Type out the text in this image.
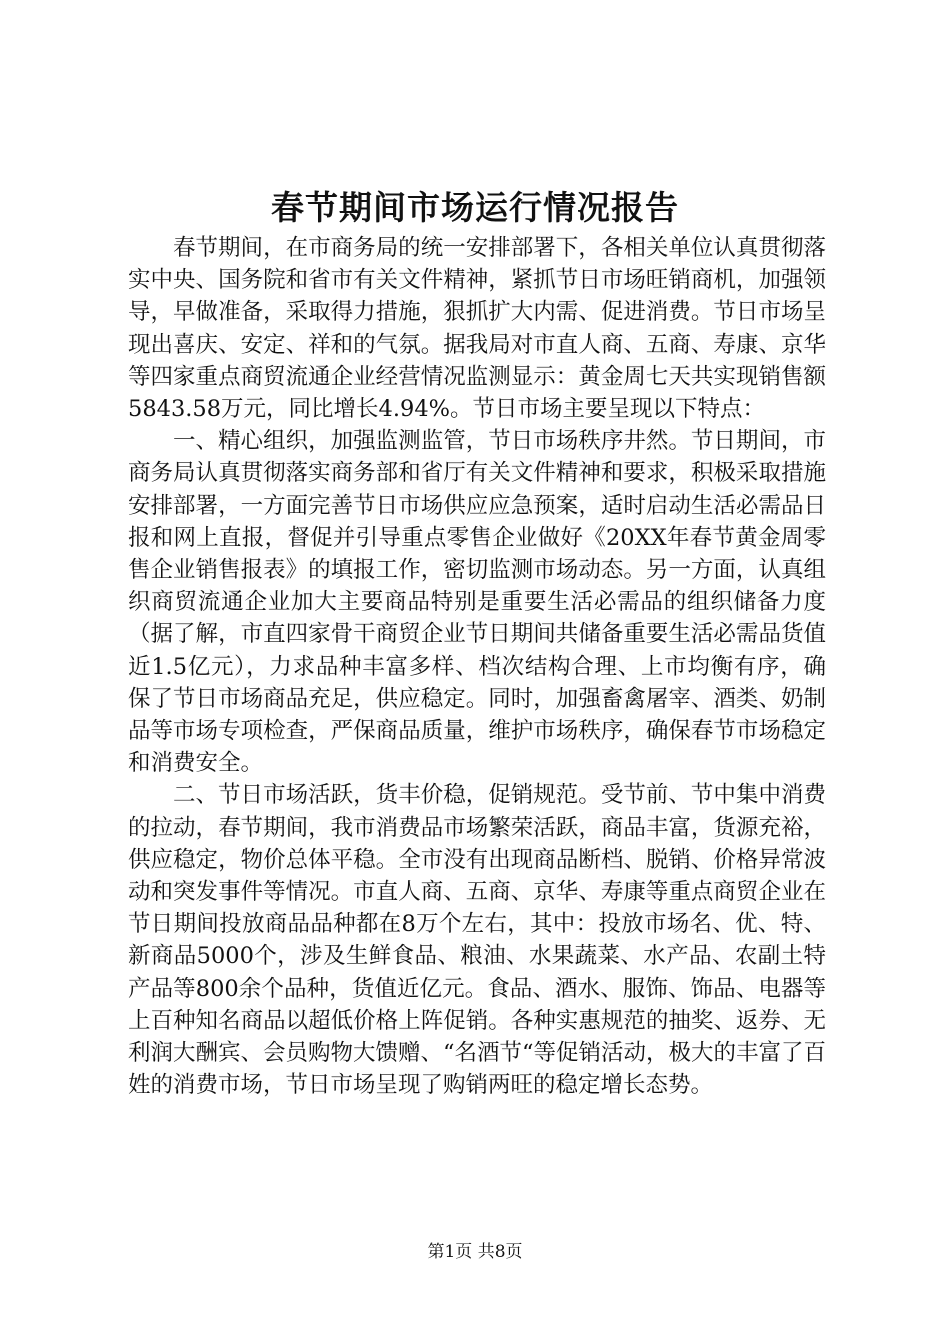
春节期间市场运行情况报告

春节期间，在市商务局的统一安排部署下，各相关单位认真贯彻落实中央、国务院和省市有关文件精神，紧抓节日市场旺销商机，加强领导，早做准备，采取得力措施，狠抓扩大内需、促进消费。节日市场呈现出喜庆、安定、祥和的气氛。据我局对市直人商、五商、寿康、京华等四家重点商贸流通企业经营情况监测显示：黄金周七天共实现销售额5843.58万元，同比增长4.94%。节日市场主要呈现以下特点：

一、精心组织，加强监测监管，节日市场秩序井然。节日期间，市商务局认真贯彻落实商务部和省厅有关文件精神和要求，积极采取措施安排部署，一方面完善节日市场供应应急预案，适时启动生活必需品日报和网上直报，督促并引导重点零售企业做好《20XX年春节黄金周零售企业销售报表》的填报工作，密切监测市场动态。另一方面，认真组织商贸流通企业加大主要商品特别是重要生活必需品的组织储备力度（据了解，市直四家骨干商贸企业节日期间共储备重要生活必需品货值近1.5亿元），力求品种丰富多样、档次结构合理、上市均衡有序，确保了节日市场商品充足，供应稳定。同时，加强畜禽屠宰、酒类、奶制品等市场专项检查，严保商品质量，维护市场秩序，确保春节市场稳定和消费安全。

二、节日市场活跃，货丰价稳，促销规范。受节前、节中集中消费的拉动，春节期间，我市消费品市场繁荣活跃，商品丰富，货源充裕，供应稳定，物价总体平稳。全市没有出现商品断档、脱销、价格异常波动和突发事件等情况。市直人商、五商、京华、寿康等重点商贸企业在节日期间投放商品品种都在8万个左右，其中：投放市场名、优、特、新商品5000个，涉及生鲜食品、粮油、水果蔬菜、水产品、农副土特产品等800余个品种，货值近亿元。食品、酒水、服饰、饰品、电器等上百种知名商品以超低价格上阵促销。各种实惠规范的抽奖、返券、无利润大酬宾、会员购物大馈赠、“名酒节“等促销活动，极大的丰富了百姓的消费市场，节日市场呈现了购销两旺的稳定增长态势。

第1页 共8页
